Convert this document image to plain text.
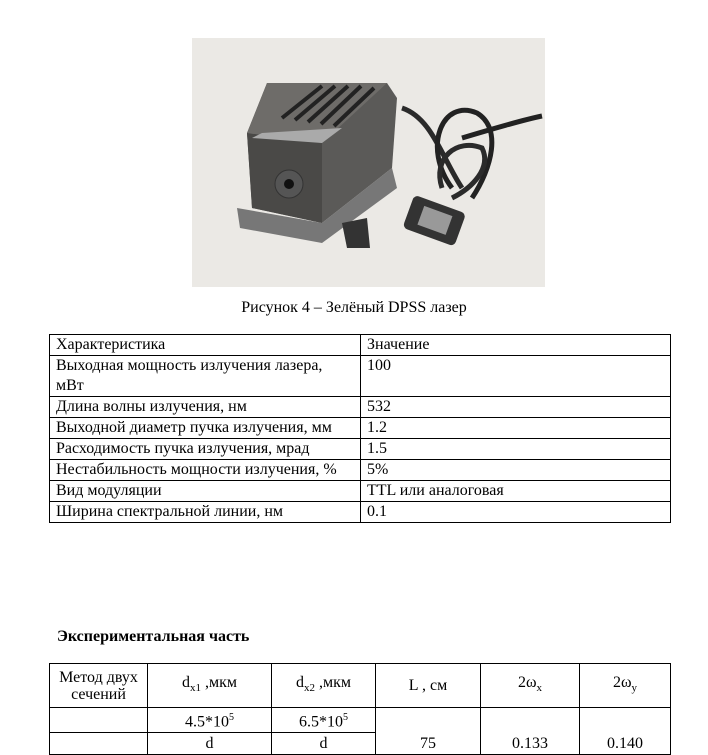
Рисунок 4 – Зелёный DPSS лазер
Характеристика	Значение
Выходная мощность излучения лазера, мВт	100
Длина волны излучения, нм	532
Выходной диаметр пучка излучения, мм	1.2
Расходимость пучка излучения, мрад	1.5
Нестабильность мощности излучения, %	5%
Вид модуляции	TTL или аналоговая
Ширина спектральной линии, нм	0.1
Экспериментальная часть
Метод двух сечений	$d_{x1}$ ,мкм	$d_{x2}$ ,мкм	L , см	$2\omega_x$	$2\omega_y$
	$4.5*10^5$	$6.5*10^5$	75	0.133	0.140
	d	d			
